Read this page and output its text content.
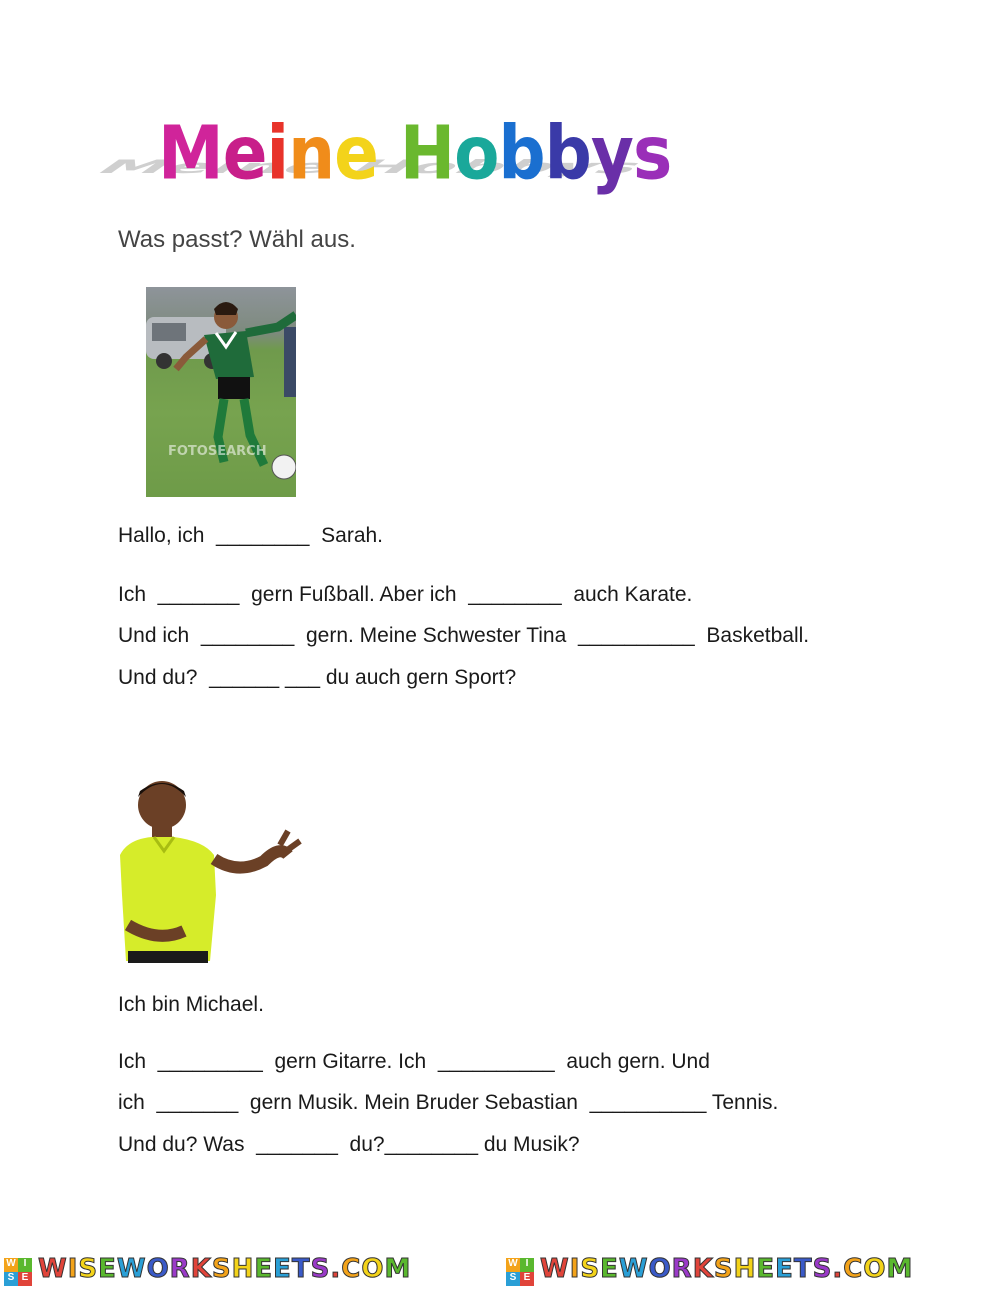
Meine Hobbys
Meine Hobbys
Was passt? Wähl aus.
FOTOSEARCH
Hallo, ich  ________  Sarah.
Ich  _______  gern Fußball. Aber ich  ________  auch Karate.
Und ich  ________  gern. Meine Schwester Tina  __________  Basketball.
Und du?  ______ ___ du auch gern Sport?
Ich bin Michael.
Ich  _________  gern Gitarre. Ich  __________  auch gern. Und
ich  _______  gern Musik. Mein Bruder Sebastian  __________ Tennis.
Und du? Was  _______  du?________ du Musik?
W I
S E WISEWORKSHEETS.COM	W I
S E WISEWORKSHEETS.COM
